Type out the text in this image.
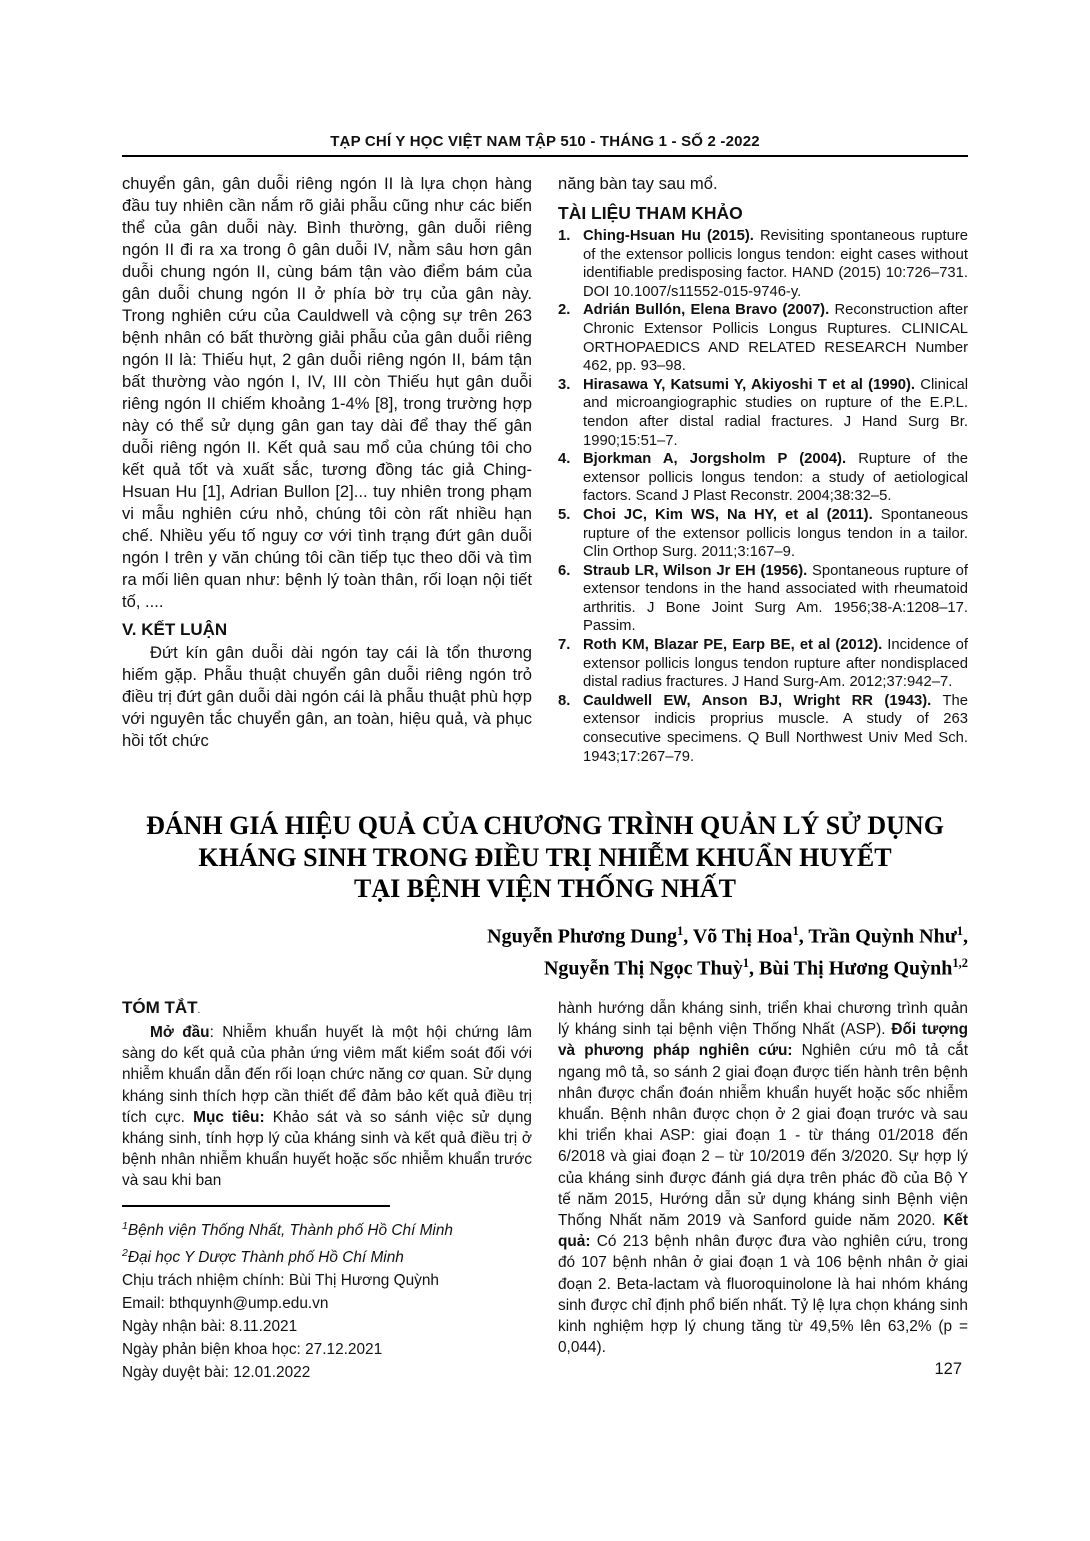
TẠP CHÍ Y HỌC VIỆT NAM TẬP 510 - THÁNG 1 - SỐ 2 -2022

chuyển gân, gân duỗi riêng ngón II là lựa chọn hàng đầu tuy nhiên cần nắm rõ giải phẫu cũng như các biến thể của gân duỗi này. Bình thường, gân duỗi riêng ngón II đi ra xa trong ô gân duỗi IV, nằm sâu hơn gân duỗi chung ngón II, cùng bám tận vào điểm bám của gân duỗi chung ngón II ở phía bờ trụ của gân này. Trong nghiên cứu của Cauldwell và cộng sự trên 263 bệnh nhân có bất thường giải phẫu của gân duỗi riêng ngón II là: Thiếu hụt, 2 gân duỗi riêng ngón II, bám tận bất thường vào ngón I, IV, III còn Thiếu hụt gân duỗi riêng ngón II chiếm khoảng 1-4% [8], trong trường hợp này có thể sử dụng gân gan tay dài để thay thế gân duỗi riêng ngón II. Kết quả sau mổ của chúng tôi cho kết quả tốt và xuất sắc, tương đồng tác giả Ching-Hsuan Hu [1], Adrian Bullon [2]... tuy nhiên trong phạm vi mẫu nghiên cứu nhỏ, chúng tôi còn rất nhiều hạn chế. Nhiều yếu tố nguy cơ với tình trạng đứt gân duỗi ngón I trên y văn chúng tôi cần tiếp tục theo dõi và tìm ra mối liên quan như: bệnh lý toàn thân, rối loạn nội tiết tố, ....

V. KẾT LUẬN

Đứt kín gân duỗi dài ngón tay cái là tổn thương hiếm gặp. Phẫu thuật chuyển gân duỗi riêng ngón trỏ điều trị đứt gân duỗi dài ngón cái là phẫu thuật phù hợp với nguyên tắc chuyển gân, an toàn, hiệu quả, và phục hồi tốt chức

năng bàn tay sau mổ.

TÀI LIỆU THAM KHẢO
1. Ching-Hsuan Hu (2015). Revisiting spontaneous rupture of the extensor pollicis longus tendon: eight cases without identifiable predisposing factor. HAND (2015) 10:726–731. DOI 10.1007/s11552-015-9746-y.
2. Adrián Bullón, Elena Bravo (2007). Reconstruction after Chronic Extensor Pollicis Longus Ruptures. CLINICAL ORTHOPAEDICS AND RELATED RESEARCH Number 462, pp. 93–98.
3. Hirasawa Y, Katsumi Y, Akiyoshi T et al (1990). Clinical and microangiographic studies on rupture of the E.P.L. tendon after distal radial fractures. J Hand Surg Br. 1990;15:51–7.
4. Bjorkman A, Jorgsholm P (2004). Rupture of the extensor pollicis longus tendon: a study of aetiological factors. Scand J Plast Reconstr. 2004;38:32–5.
5. Choi JC, Kim WS, Na HY, et al (2011). Spontaneous rupture of the extensor pollicis longus tendon in a tailor. Clin Orthop Surg. 2011;3:167–9.
6. Straub LR, Wilson Jr EH (1956). Spontaneous rupture of extensor tendons in the hand associated with rheumatoid arthritis. J Bone Joint Surg Am. 1956;38-A:1208–17. Passim.
7. Roth KM, Blazar PE, Earp BE, et al (2012). Incidence of extensor pollicis longus tendon rupture after nondisplaced distal radius fractures. J Hand Surg-Am. 2012;37:942–7.
8. Cauldwell EW, Anson BJ, Wright RR (1943). The extensor indicis proprius muscle. A study of 263 consecutive specimens. Q Bull Northwest Univ Med Sch. 1943;17:267–79.
ĐÁNH GIÁ HIỆU QUẢ CỦA CHƯƠNG TRÌNH QUẢN LÝ SỬ DỤNG
KHÁNG SINH TRONG ĐIỀU TRỊ NHIỄM KHUẨN HUYẾT
TẠI BỆNH VIỆN THỐNG NHẤT
Nguyễn Phương Dung$^1$, Võ Thị Hoa$^1$, Trần Quỳnh Như$^1$,
Nguyễn Thị Ngọc Thuỳ$^1$, Bùi Thị Hương Quỳnh$^{1,2}$
TÓM TẮT.

Mở đầu: Nhiễm khuẩn huyết là một hội chứng lâm sàng do kết quả của phản ứng viêm mất kiểm soát đối với nhiễm khuẩn dẫn đến rối loạn chức năng cơ quan. Sử dụng kháng sinh thích hợp cần thiết để đảm bảo kết quả điều trị tích cực. Mục tiêu: Khảo sát và so sánh việc sử dụng kháng sinh, tính hợp lý của kháng sinh và kết quả điều trị ở bệnh nhân nhiễm khuẩn huyết hoặc sốc nhiễm khuẩn trước và sau khi ban

$^1$Bệnh viện Thống Nhất, Thành phố Hồ Chí Minh
$^2$Đại học Y Dược Thành phố Hồ Chí Minh
Chịu trách nhiệm chính: Bùi Thị Hương Quỳnh
Email: bthquynh@ump.edu.vn
Ngày nhận bài: 8.11.2021
Ngày phản biện khoa học: 27.12.2021
Ngày duyệt bài: 12.01.2022

hành hướng dẫn kháng sinh, triển khai chương trình quản lý kháng sinh tại bệnh viện Thống Nhất (ASP). Đối tượng và phương pháp nghiên cứu: Nghiên cứu mô tả cắt ngang mô tả, so sánh 2 giai đoạn được tiến hành trên bệnh nhân được chẩn đoán nhiễm khuẩn huyết hoặc sốc nhiễm khuẩn. Bệnh nhân được chọn ở 2 giai đoạn trước và sau khi triển khai ASP: giai đoạn 1 - từ tháng 01/2018 đến 6/2018 và giai đoạn 2 – từ 10/2019 đến 3/2020. Sự hợp lý của kháng sinh được đánh giá dựa trên phác đồ của Bộ Y tế năm 2015, Hướng dẫn sử dụng kháng sinh Bệnh viện Thống Nhất năm 2019 và Sanford guide năm 2020. Kết quả: Có 213 bệnh nhân được đưa vào nghiên cứu, trong đó 107 bệnh nhân ở giai đoạn 1 và 106 bệnh nhân ở giai đoạn 2. Beta-lactam và fluoroquinolone là hai nhóm kháng sinh được chỉ định phổ biến nhất. Tỷ lệ lựa chọn kháng sinh kinh nghiệm hợp lý chung tăng từ 49,5% lên 63,2% (p = 0,044).

127
